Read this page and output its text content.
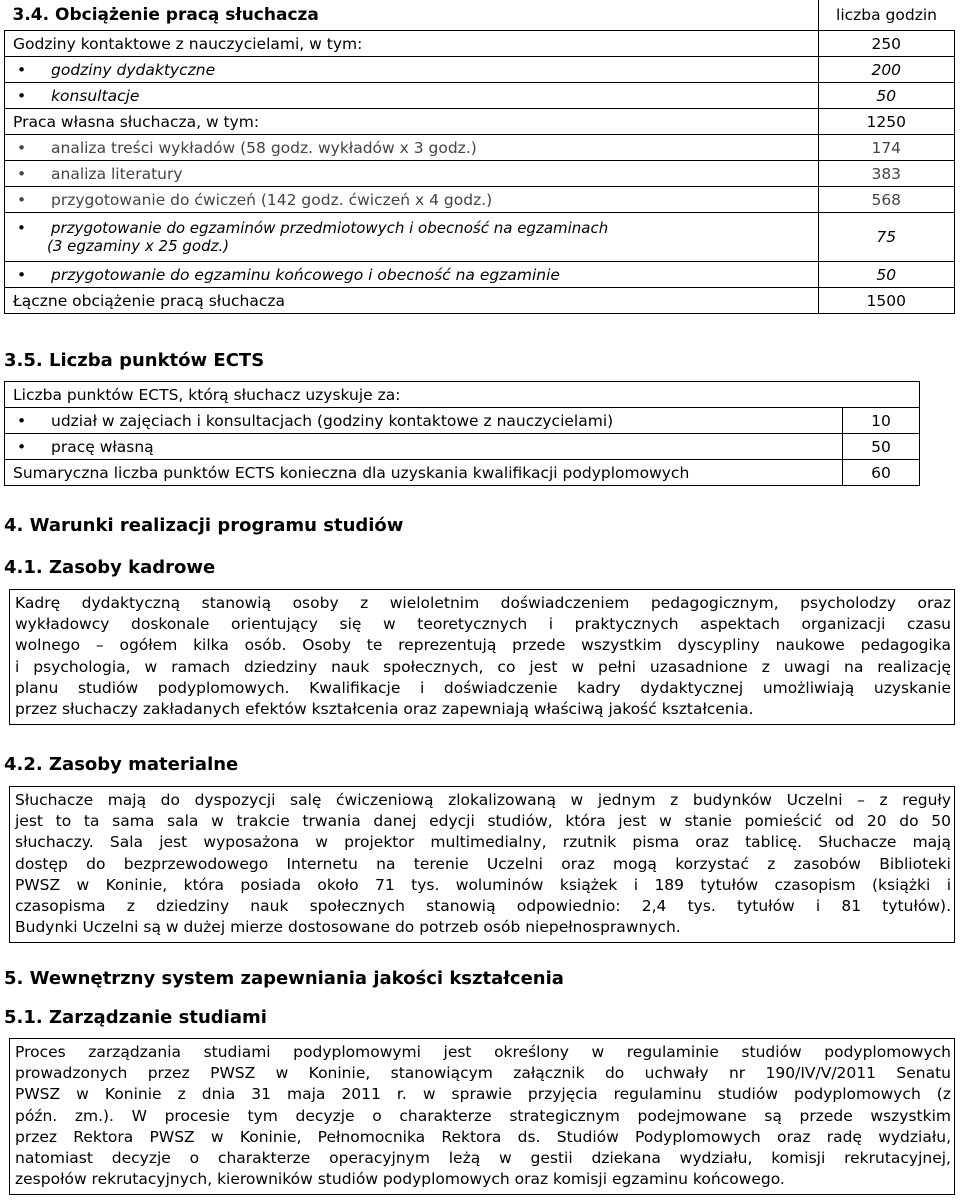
3.4. Obciążenie pracą słuchacza	liczba godzin
Godziny kontaktowe z nauczycielami, w tym:	250
• godziny dydaktyczne	200
• konsultacje	50
Praca własna słuchacza, w tym:	1250
• analiza treści wykładów (58 godz. wykładów x 3 godz.)	174
• analiza literatury	383
• przygotowanie do ćwiczeń (142 godz. ćwiczeń x 4 godz.)	568

• przygotowanie do egzaminów przedmiotowych i obecność na egzaminach
(3 egzaminy x 25 godz.)	75
• przygotowanie do egzaminu końcowego i obecność na egzaminie	50
Łączne obciążenie pracą słuchacza	1500
3.5. Liczba punktów ECTS
Liczba punktów ECTS, którą słuchacz uzyskuje za:	
• udział w zajęciach i konsultacjach (godziny kontaktowe z nauczycielami)	10
• pracę własną	50
Sumaryczna liczba punktów ECTS konieczna dla uzyskania kwalifikacji podyplomowych	60
4. Warunki realizacji programu studiów
4.1. Zasoby kadrowe
Kadrę dydaktyczną stanowią osoby z wieloletnim doświadczeniem pedagogicznym, psycholodzy oraz
wykładowcy doskonale orientujący się w teoretycznych i praktycznych aspektach organizacji czasu
wolnego – ogółem kilka osób. Osoby te reprezentują przede wszystkim dyscypliny naukowe pedagogika
i psychologia, w ramach dziedziny nauk społecznych, co jest w pełni uzasadnione z uwagi na realizację
planu studiów podyplomowych. Kwalifikacje i doświadczenie kadry dydaktycznej umożliwiają uzyskanie
przez słuchaczy zakładanych efektów kształcenia oraz zapewniają właściwą jakość kształcenia.
4.2. Zasoby materialne
Słuchacze mają do dyspozycji salę ćwiczeniową zlokalizowaną w jednym z budynków Uczelni – z reguły
jest to ta sama sala w trakcie trwania danej edycji studiów, która jest w stanie pomieścić od 20 do 50
słuchaczy. Sala jest wyposażona w projektor multimedialny, rzutnik pisma oraz tablicę. Słuchacze mają
dostęp do bezprzewodowego Internetu na terenie Uczelni oraz mogą korzystać z zasobów Biblioteki
PWSZ w Koninie, która posiada około 71 tys. woluminów książek i 189 tytułów czasopism (książki i
czasopisma z dziedziny nauk społecznych stanowią odpowiednio: 2,4 tys. tytułów i 81 tytułów).
Budynki Uczelni są w dużej mierze dostosowane do potrzeb osób niepełnosprawnych.
5. Wewnętrzny system zapewniania jakości kształcenia
5.1. Zarządzanie studiami
Proces zarządzania studiami podyplomowymi jest określony w regulaminie studiów podyplomowych
prowadzonych przez PWSZ w Koninie, stanowiącym załącznik do uchwały nr 190/IV/V/2011 Senatu
PWSZ w Koninie z dnia 31 maja 2011 r. w sprawie przyjęcia regulaminu studiów podyplomowych (z
późn. zm.). W procesie tym decyzje o charakterze strategicznym podejmowane są przede wszystkim
przez Rektora PWSZ w Koninie, Pełnomocnika Rektora ds. Studiów Podyplomowych oraz radę wydziału,
natomiast decyzje o charakterze operacyjnym leżą w gestii dziekana wydziału, komisji rekrutacyjnej,
zespołów rekrutacyjnych, kierowników studiów podyplomowych oraz komisji egzaminu końcowego.
